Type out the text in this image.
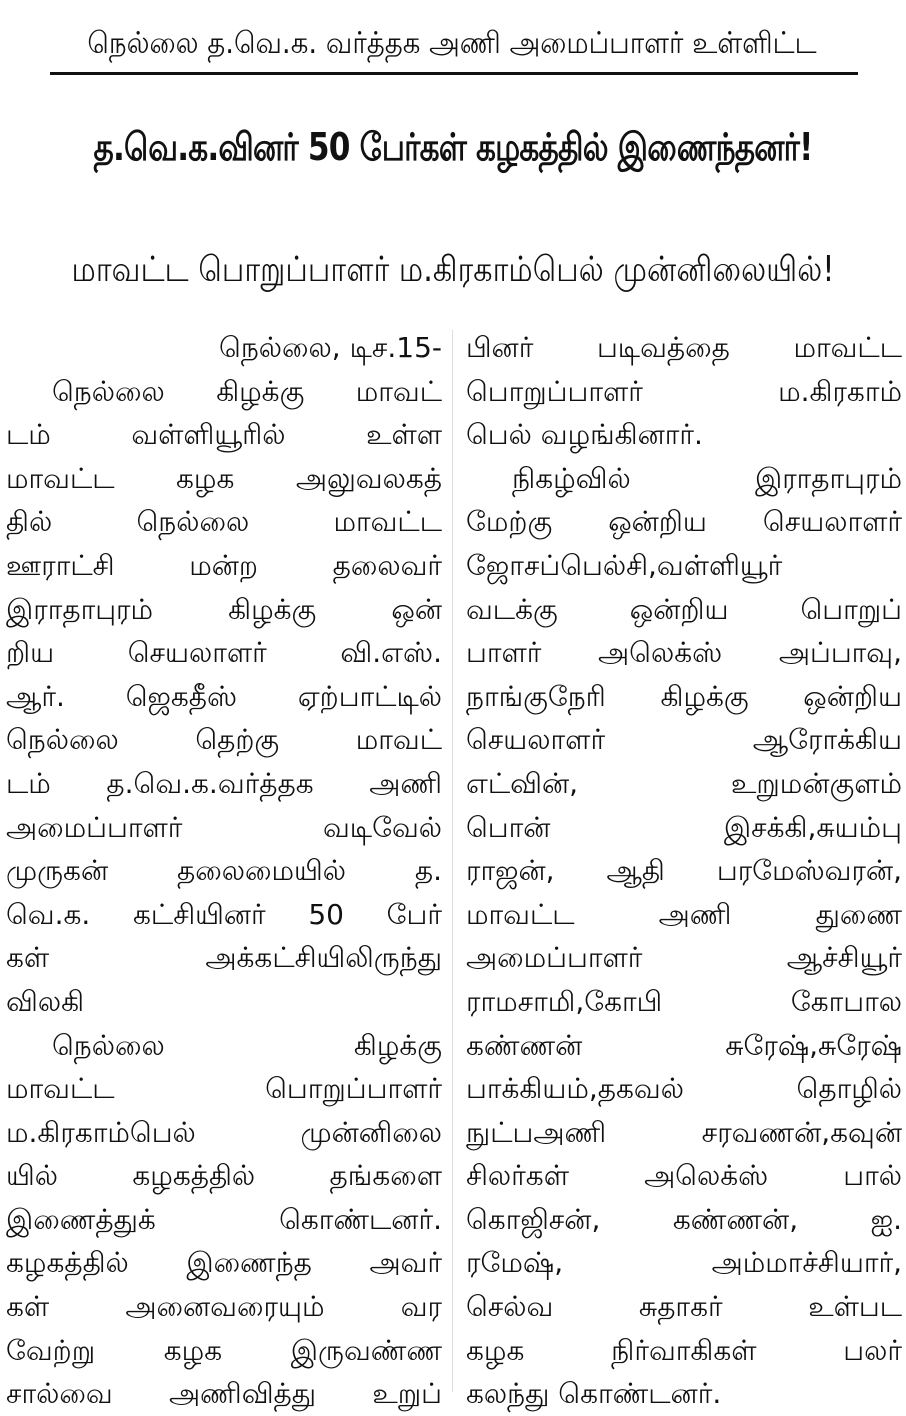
நெல்லை த.வெ.க. வர்த்தக அணி அமைப்பாளர் உள்ளிட்ட
த.வெ.க.வினர் 50 பேர்கள் கழகத்தில் இணைந்தனர்!
மாவட்ட பொறுப்பாளர் ம.கிரகாம்பெல் முன்னிலையில்!
நெல்லை, டிச.15-
நெல்லை கிழக்கு மாவட்
டம் வள்ளியூரில் உள்ள
மாவட்ட கழக அலுவலகத்
தில் நெல்லை மாவட்ட
ஊராட்சி மன்ற தலைவர்
இராதாபுரம் கிழக்கு ஒன்
றிய செயலாளர் வி.எஸ்.
ஆர். ஜெகதீஸ் ஏற்பாட்டில்
நெல்லை தெற்கு மாவட்
டம் த.வெ.க.வர்த்தக அணி
அமைப்பாளர் வடிவேல்
முருகன் தலைமையில் த.
வெ.க. கட்சியினர் 50 பேர்
கள் அக்கட்சியிலிருந்து
விலகி
நெல்லை கிழக்கு
மாவட்ட பொறுப்பாளர்
ம.கிரகாம்பெல் முன்னிலை
யில் கழகத்தில் தங்களை
இணைத்துக் கொண்டனர்.
கழகத்தில் இணைந்த அவர்
கள் அனைவரையும் வர
வேற்று கழக இருவண்ண
சால்வை அணிவித்து உறுப்
பினர் படிவத்தை மாவட்ட
பொறுப்பாளர் ம.கிரகாம்
பெல் வழங்கினார்.
நிகழ்வில் இராதாபுரம்
மேற்கு ஒன்றிய செயலாளர்
ஜோசப்பெல்சி,வள்ளியூர்
வடக்கு ஒன்றிய பொறுப்
பாளர் அலெக்ஸ் அப்பாவு,
நாங்குநேரி கிழக்கு ஒன்றிய
செயலாளர் ஆரோக்கிய
எட்வின், உறுமன்குளம்
பொன் இசக்கி,சுயம்பு
ராஜன், ஆதி பரமேஸ்வரன்,
மாவட்ட அணி துணை
அமைப்பாளர் ஆச்சியூர்
ராமசாமி,கோபி கோபால
கண்ணன் சுரேஷ்,சுரேஷ்
பாக்கியம்,தகவல் தொழில்
நுட்பஅணி சரவணன்,கவுன்
சிலர்கள் அலெக்ஸ் பால்
கொஜிசன், கண்ணன், ஐ.
ரமேஷ், அம்மாச்சியார்,
செல்வ சுதாகர் உள்பட
கழக நிர்வாகிகள் பலர்
கலந்து கொண்டனர்.
